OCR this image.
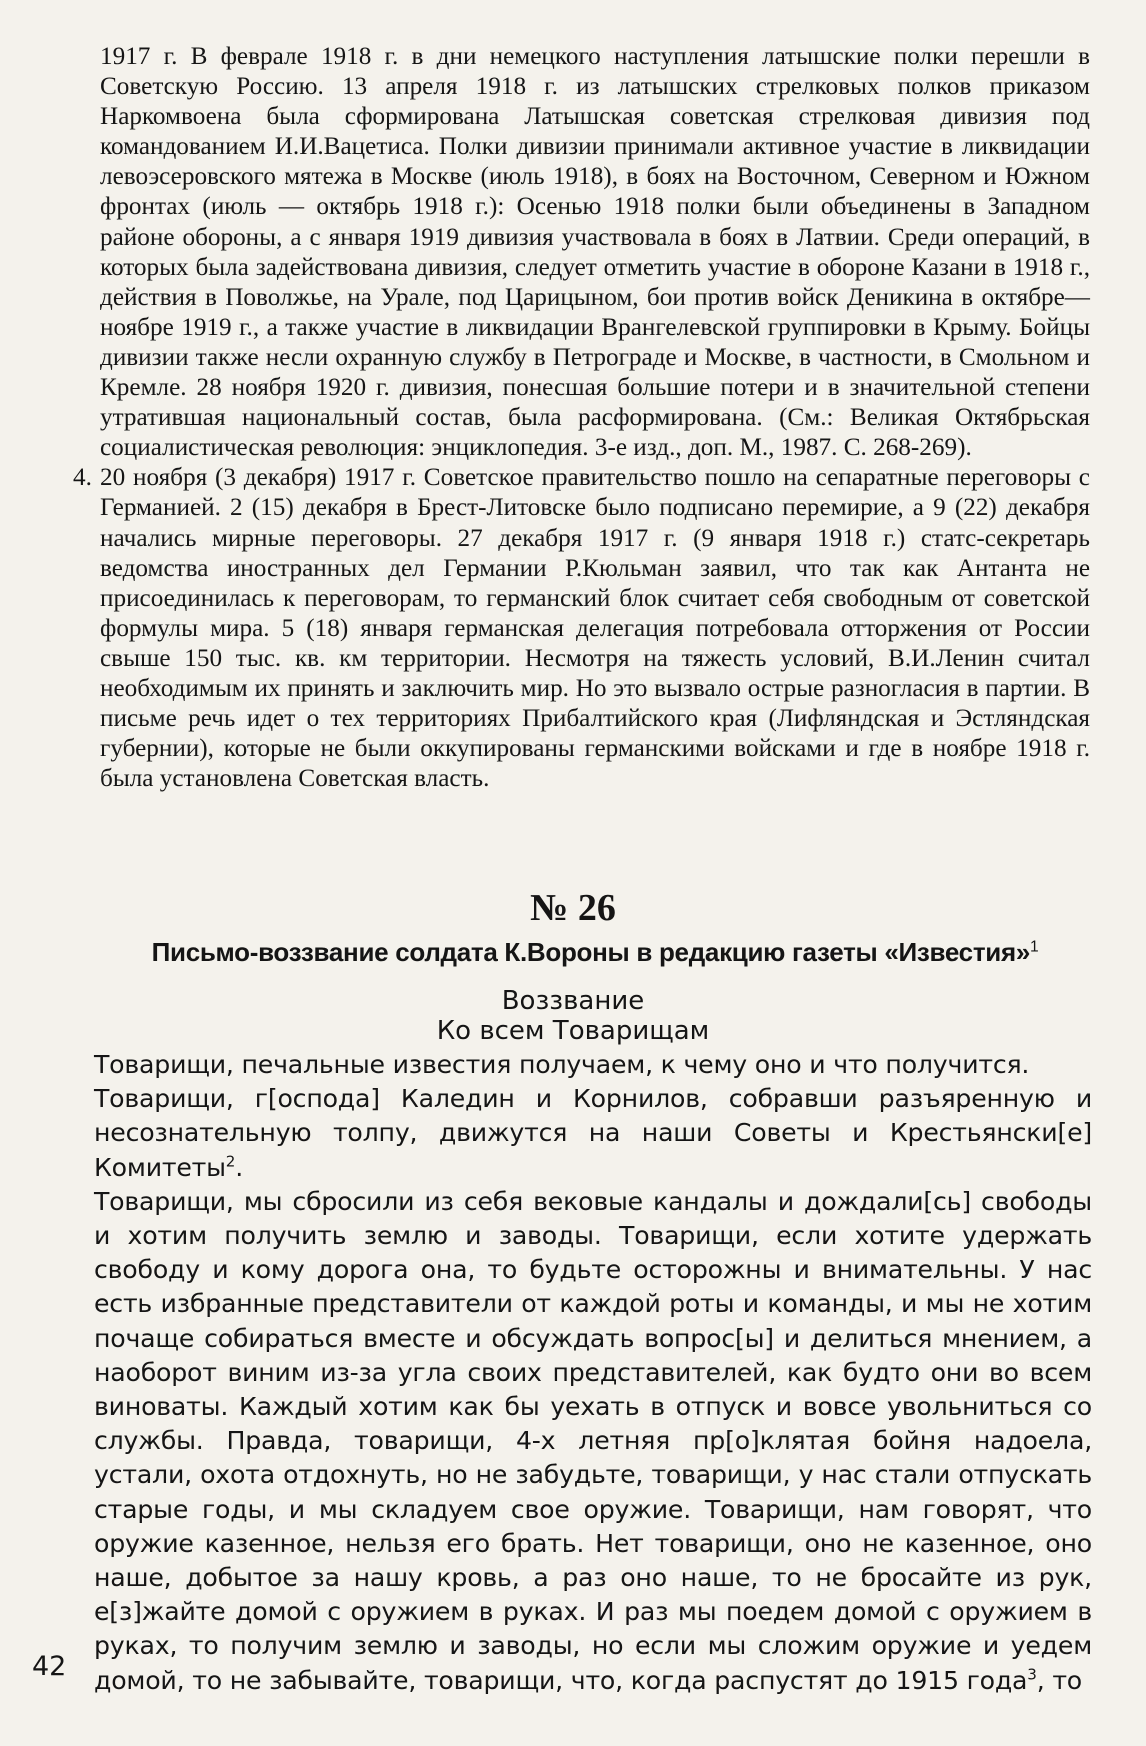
1917 г. В феврале 1918 г. в дни немецкого наступления латышские полки перешли в Советскую Россию. 13 апреля 1918 г. из латышских стрелковых полков приказом Наркомвоена была сформирована Латышская советская стрелковая дивизия под командованием И.И.Вацетиса. Полки дивизии принимали активное участие в ликвидации левоэсеровского мятежа в Москве (июль 1918), в боях на Восточном, Северном и Южном фронтах (июль — октябрь 1918 г.): Осенью 1918 полки были объединены в Западном районе обороны, а с января 1919 дивизия участвовала в боях в Латвии. Среди операций, в которых была задействована дивизия, следует отметить участие в обороне Казани в 1918 г., действия в Поволжье, на Урале, под Царицыном, бои против войск Деникина в октябре—ноябре 1919 г., а также участие в ликвидации Врангелевской группировки в Крыму. Бойцы дивизии также несли охранную службу в Петрограде и Москве, в частности, в Смольном и Кремле. 28 ноября 1920 г. дивизия, понесшая большие потери и в значительной степени утратившая национальный состав, была расформирована. (См.: Великая Октябрьская социалистическая революция: энциклопедия. 3-е изд., доп. М., 1987. С. 268-269).

4. 20 ноября (3 декабря) 1917 г. Советское правительство пошло на сепаратные переговоры с Германией. 2 (15) декабря в Брест-Литовске было подписано перемирие, а 9 (22) декабря начались мирные переговоры. 27 декабря 1917 г. (9 января 1918 г.) статс-секретарь ведомства иностранных дел Германии Р.Кюльман заявил, что так как Антанта не присоединилась к переговорам, то германский блок считает себя свободным от советской формулы мира. 5 (18) января германская делегация потребовала отторжения от России свыше 150 тыс. кв. км территории. Несмотря на тяжесть условий, В.И.Ленин считал необходимым их принять и заключить мир. Но это вызвало острые разногласия в партии. В письме речь идет о тех территориях Прибалтийского края (Лифляндская и Эстляндская губернии), которые не были оккупированы германскими войсками и где в ноябре 1918 г. была установлена Советская власть.

№ 26
Письмо-воззвание солдата К.Вороны в редакцию газеты «Известия»$^1$
Воззвание
Ко всем Товарищам

Товарищи, печальные известия получаем, к чему оно и что получится.

Товарищи, г[оспода] Каледин и Корнилов, собравши разъяренную и несознательную толпу, движутся на наши Советы и Крестьянски[е] Комитеты$^2$.

Товарищи, мы сбросили из себя вековые кандалы и дождали[сь] свободы и хотим получить землю и заводы. Товарищи, если хотите удержать свободу и кому дорога она, то будьте осторожны и внимательны. У нас есть избранные представители от каждой роты и команды, и мы не хотим почаще собираться вместе и обсуждать вопрос[ы] и делиться мнением, а наоборот виним из-за угла своих представителей, как будто они во всем виноваты. Каждый хотим как бы уехать в отпуск и вовсе увольниться со службы. Правда, товарищи, 4-х летняя пр[о]клятая бойня надоела, устали, охота отдохнуть, но не забудьте, товарищи, у нас стали отпускать старые годы, и мы складуем свое оружие. Товарищи, нам говорят, что оружие казенное, нельзя его брать. Нет товарищи, оно не казенное, оно наше, добытое за нашу кровь, а раз оно наше, то не бросайте из рук, е[з]жайте домой с оружием в руках. И раз мы поедем домой с оружием в руках, то получим землю и заводы, но если мы сложим оружие и уедем домой, то не забывайте, товарищи, что, когда распустят до 1915 года$^3$, то

42
